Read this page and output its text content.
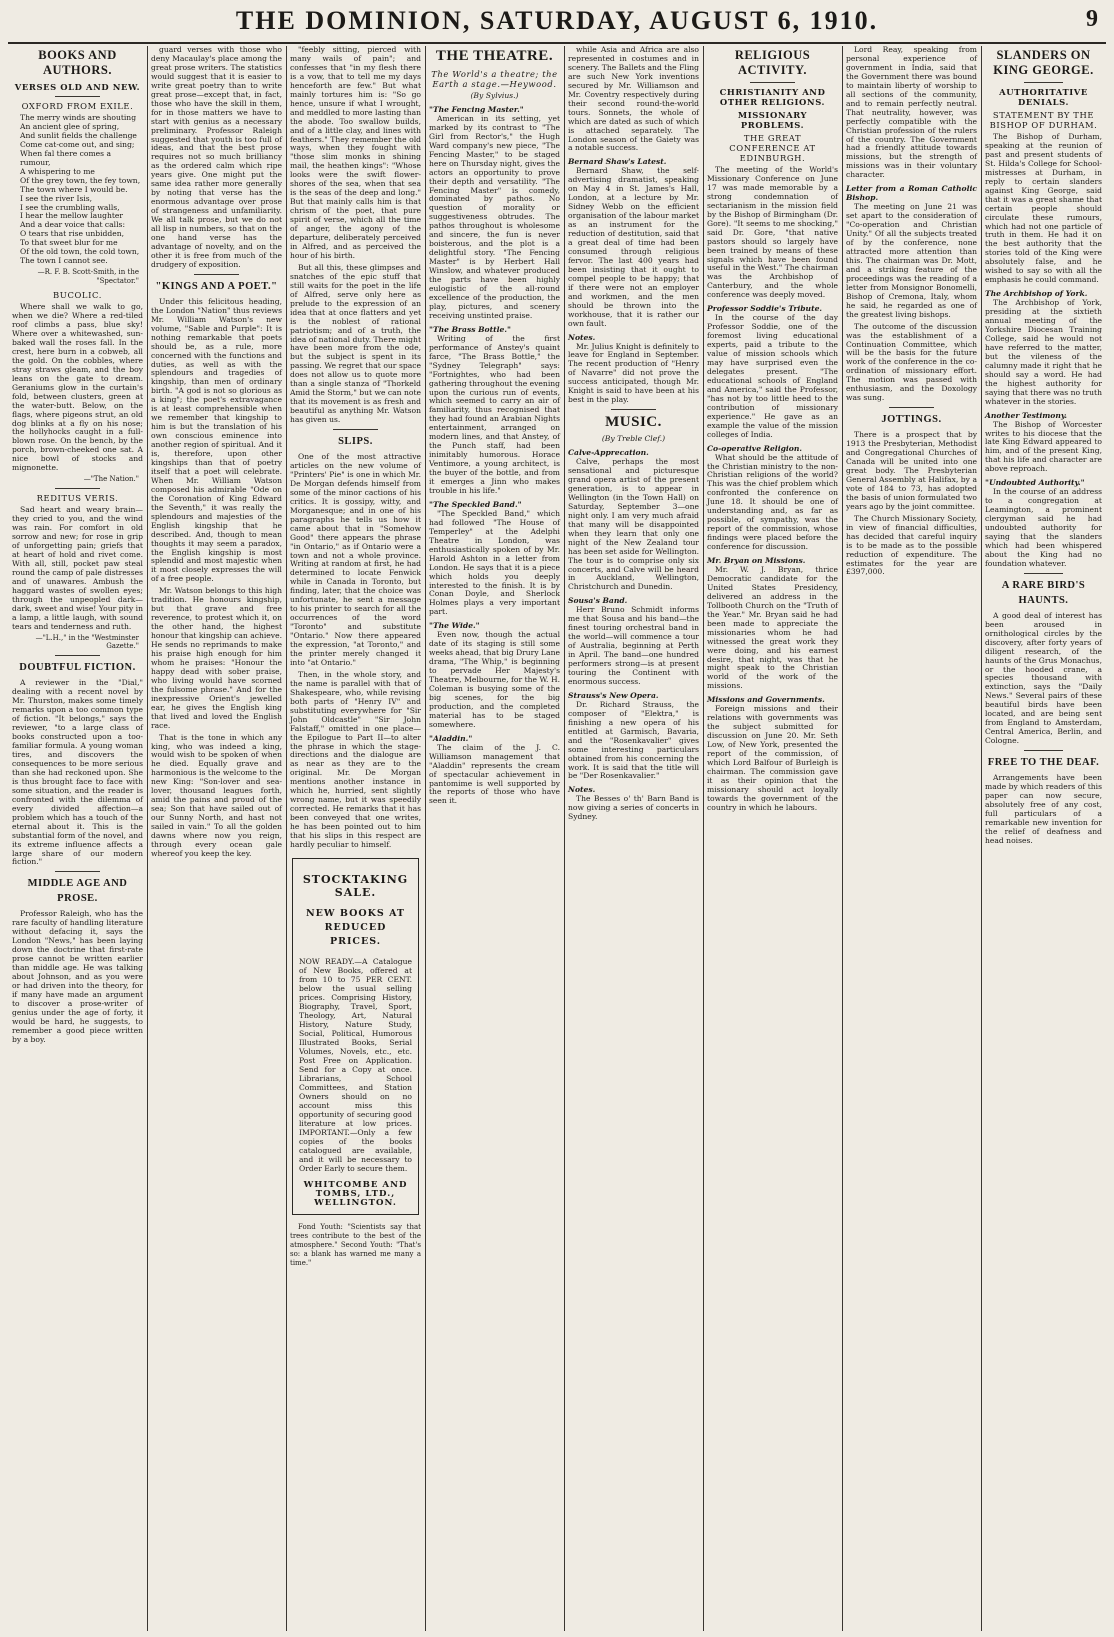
THE DOMINION, SATURDAY, AUGUST 6, 1910.	9
BOOKS AND AUTHORS.
VERSES OLD AND NEW.
OXFORD FROM EXILE.
The merry winds are shouting
An ancient glee of spring,
And sunlit fields the challenge
Come cat-come out, and sing;
When fal there comes a rumour,
A whispering to me
Of the grey town, the fey town,
The town where I would be.
I see the river Isis,
I see the crumbling walls,
I hear the mellow laughter
And a dear voice that calls:
O tears that rise unbidden,
To that sweet blur for me
Of the old town, the cold town,
The town I cannot see.
—R. F. B. Scott-Smith, in the "Spectator."
BUCOLIC.
Where shall we walk to go, when we die? Where a red-tiled roof climbs a pass, blue sky! Where over a whitewashed, sun-baked wall the roses fall. In the crest, here burn in a cobweb, all the gold. On the cobbles, where stray straws gleam, and the boy leans on the gate to dream. Geraniums glow in the curtain's fold, between clusters, green at the water-butt. Below, on the flags, where pigeons strut, an old dog blinks at a fly on his nose; the hollyhocks caught in a full-blown rose. On the bench, by the porch, brown-cheeked one sat. A nice bowl of stocks and mignonette.
—"The Nation."
REDITUS VERIS.
Sad heart and weary brain—they cried to you, and the wind was rain. For comfort in old sorrow and new; for rose in grip of unforgetting pain; griefs that at heart of hold and rivet come. With all, still, pocket paw steal round the camp of pale distresses and of unawares. Ambush the haggard wastes of swollen eyes; through the unpeopled dark—dark, sweet and wise! Your pity in a lamp, a little laugh, with sound tears and tenderness and ruth.
—"L.H.," in the "Westminster Gazette."
DOUBTFUL FICTION.
A reviewer in the "Dial," dealing with a recent novel by Mr. Thurston, makes some timely remarks upon a too common type of fiction. "It belongs," says the reviewer, "to a large class of books constructed upon a too-familiar formula. A young woman tires, and discovers the consequences to be more serious than she had reckoned upon. She is thus brought face to face with some situation, and the reader is confronted with the dilemma of every divided affection—a problem which has a touch of the eternal about it. This is the substantial form of the novel, and its extreme influence affects a large share of our modern fiction."
MIDDLE AGE AND PROSE.
Professor Raleigh, who has the rare faculty of handling literature without defacing it, says the London "News," has been laying down the doctrine that first-rate prose cannot be written earlier than middle age. He was talking about Johnson, and as you were or had driven into the theory, for if many have made an argument to discover a prose-writer of genius under the age of forty, it would be hard, he suggests, to remember a good piece written by a boy.
guard verses with those who deny Macaulay's place among the great prose writers. The statistics would suggest that it is easier to write great poetry than to write great prose—except that, in fact, those who have the skill in them, for in those matters we have to start with genius as a necessary preliminary. Professor Raleigh suggested that youth is too full of ideas, and that the best prose requires not so much brilliancy as the ordered calm which ripe years give. One might put the same idea rather more generally by noting that verse has the enormous advantage over prose of strangeness and unfamiliarity. We all talk prose, but we do not all lisp in numbers, so that on the one hand verse has the advantage of novelty, and on the other it is free from much of the drudgery of exposition.
"KINGS AND A POET."
Under this felicitous heading, the London "Nation" thus reviews Mr. William Watson's new volume, "Sable and Purple": It is nothing remarkable that poets should be, as a rule, more concerned with the functions and duties, as well as with the splendours and tragedies of kingship, than men of ordinary birth. "A god is not so glorious as a king"; the poet's extravagance is at least comprehensible when we remember that kingship to him is but the translation of his own conscious eminence into another region of spiritual. And it is, therefore, upon other kingships than that of poetry itself that a poet will celebrate. When Mr. William Watson composed his admirable "Ode on the Coronation of King Edward the Seventh," it was really the splendours and majesties of the English kingship that he described. And, though to mean thoughts it may seem a paradox, the English kingship is most splendid and most majestic when it most closely expresses the will of a free people.
Mr. Watson belongs to this high tradition. He honours kingship, but that grave and free reverence, to protest which it, on the other hand, the highest honour that kingship can achieve. He sends no reprimands to make his praise high enough for him whom he praises: "Honour the happy dead with sober praise, who living would have scorned the fulsome phrase." And for the inexpressive Orient's jewelled ear, he gives the English king that lived and loved the English race.
That is the tone in which any king, who was indeed a king, would wish to be spoken of when he died. Equally grave and harmonious is the welcome to the new King: "Son-lover and sea-lover, thousand leagues forth, amid the pains and proud of the sea; Son that have sailed out of our Sunny North, and hast not sailed in vain." To all the golden dawns where now you reign, through every ocean gale whereof you keep the key.
"feebly sitting, pierced with many wails of pain"; and confesses that "in my flesh there is a vow, that to tell me my days henceforth are few." But what mainly tortures him is: "So go hence, unsure if what I wrought, and meddled to more lasting than the abode. Too swallow builds, and of a little clay, and lines with feathers." They remember the old ways, when they fought with "those slim monks in shining mail, the heathen kings": "Whose looks were the swift flower-shores of the sea, when that sea is the seas of the deep and long." But that mainly calls him is that chrism of the poet, that pure spirit of verse, which all the time of anger, the agony of the departure, deliberately perceived in Alfred, and as perceived the hour of his birth.
But all this, these glimpses and snatches of the epic stuff that still waits for the poet in the life of Alfred, serve only here as prelude to the expression of an idea that at once flatters and yet is the noblest of rational patriotism; and of a truth, the idea of national duty. There might have been more from the ode, but the subject is spent in its passing. We regret that our space does not allow us to quote more than a single stanza of "Thorkeld Amid the Storm," but we can note that its movement is as fresh and beautiful as anything Mr. Watson has given us.
SLIPS.
One of the most attractive articles on the new volume of "Printers' Pie" is one in which Mr. De Morgan defends himself from some of the minor cactions of his critics. It is gossipy, witty, and Morganesque; and in one of his paragraphs he tells us how it came about that in "Somehow Good" there appears the phrase "in Ontario," as if Ontario were a town and not a whole province. Writing at random at first, he had determined to locate Fenwick while in Canada in Toronto, but finding, later, that the choice was unfortunate, he sent a message to his printer to search for all the occurrences of the word "Toronto" and substitute "Ontario." Now there appeared the expression, "at Toronto," and the printer merely changed it into "at Ontario."
Then, in the whole story, and the name is parallel with that of Shakespeare, who, while revising both parts of "Henry IV" and substituting everywhere for "Sir John Oldcastle" "Sir John Falstaff," omitted in one place—the Epilogue to Part II—to alter the phrase in which the stage-directions and the dialogue are as near as they are to the original. Mr. De Morgan mentions another instance in which he, hurried, sent slightly wrong name, but it was speedily corrected. He remarks that it has been conveyed that one writes, he has been pointed out to him that his slips in this respect are hardly peculiar to himself.
STOCKTAKING SALE.
NEW BOOKS AT REDUCED PRICES.
NOW READY.—A Catalogue of New Books, offered at from 10 to 75 PER CENT. below the usual selling prices. Comprising History, Biography, Travel, Sport, Theology, Art, Natural History, Nature Study, Social, Political, Humorous Illustrated Books, Serial Volumes, Novels, etc., etc. Post Free on Application. Send for a Copy at once. Librarians, School Committees, and Station Owners should on no account miss this opportunity of securing good literature at low prices. IMPORTANT.—Only a few copies of the books catalogued are available, and it will be necessary to Order Early to secure them.
WHITCOMBE AND TOMBS, LTD., WELLINGTON.
Fond Youth: "Scientists say that trees contribute to the best of the atmosphere." Second Youth: "That's so: a blank has warned me many a time."
THE THEATRE.
The World's a theatre; the Earth a stage.—Heywood.
(By Sylvius.)
"The Fencing Master."
American in its setting, yet marked by its contrast to "The Girl from Rector's," the Hugh Ward company's new piece, "The Fencing Master," to be staged here on Thursday night, gives the actors an opportunity to prove their depth and versatility. "The Fencing Master" is comedy, dominated by pathos. No question of morality or suggestiveness obtrudes. The pathos throughout is wholesome and sincere, the fun is never boisterous, and the plot is a delightful story. "The Fencing Master" is by Herbert Hall Winslow, and whatever produced the parts have been highly eulogistic of the all-round excellence of the production, the play, pictures, and scenery receiving unstinted praise.
"The Brass Bottle."
Writing of the first performance of Anstey's quaint farce, "The Brass Bottle," the "Sydney Telegraph" says: "Fortnightes, who had been gathering throughout the evening upon the curious run of events, which seemed to carry an air of familiarity, thus recognised that they had found an Arabian Nights entertainment, arranged on modern lines, and that Anstey, of the Punch staff, had been inimitably humorous. Horace Ventimore, a young architect, is the buyer of the bottle, and from it emerges a Jinn who makes trouble in his life."
"The Speckled Band."
"The Speckled Band," which had followed "The House of Temperley" at the Adelphi Theatre in London, was enthusiastically spoken of by Mr. Harold Ashton in a letter from London. He says that it is a piece which holds you deeply interested to the finish. It is by Conan Doyle, and Sherlock Holmes plays a very important part.
"The Wide."
Even now, though the actual date of its staging is still some weeks ahead, that big Drury Lane drama, "The Whip," is beginning to pervade Her Majesty's Theatre, Melbourne, for the W. H. Coleman is busying some of the big scenes, for the big production, and the completed material has to be staged somewhere.
"Aladdin."
The claim of the J. C. Williamson management that "Aladdin" represents the cream of spectacular achievement in pantomime is well supported by the reports of those who have seen it.
while Asia and Africa are also represented in costumes and in scenery. The Ballets and the Fling are such New York inventions secured by Mr. Williamson and Mr. Coventry respectively during their second round-the-world tours. Sonnets, the whole of which are dated as such of which is attached separately. The London season of the Gaiety was a notable success.
Bernard Shaw's Latest.
Bernard Shaw, the self-advertising dramatist, speaking on May 4 in St. James's Hall, London, at a lecture by Mr. Sidney Webb on the efficient organisation of the labour market as an instrument for the reduction of destitution, said that a great deal of time had been consumed through religious fervor. The last 400 years had been insisting that it ought to compel people to be happy; that if there were not an employer and workmen, and the men should be thrown into the workhouse, that it is rather our own fault.
Notes.
Mr. Julius Knight is definitely to leave for England in September. The recent production of "Henry of Navarre" did not prove the success anticipated, though Mr. Knight is said to have been at his best in the play.
MUSIC.
(By Treble Clef.)
Calve-Apprecation.
Calve, perhaps the most sensational and picturesque grand opera artist of the present generation, is to appear in Wellington (in the Town Hall) on Saturday, September 3—one night only. I am very much afraid that many will be disappointed when they learn that only one night of the New Zealand tour has been set aside for Wellington. The tour is to comprise only six concerts, and Calve will be heard in Auckland, Wellington, Christchurch and Dunedin.
Sousa's Band.
Herr Bruno Schmidt informs me that Sousa and his band—the finest touring orchestral band in the world—will commence a tour of Australia, beginning at Perth in April. The band—one hundred performers strong—is at present touring the Continent with enormous success.
Strauss's New Opera.
Dr. Richard Strauss, the composer of "Elektra," is finishing a new opera of his entitled at Garmisch, Bavaria, and the "Rosenkavalier" gives some interesting particulars obtained from his concerning the work. It is said that the title will be "Der Rosenkavalier."
Notes.
The Besses o' th' Barn Band is now giving a series of concerts in Sydney.
RELIGIOUS ACTIVITY.
CHRISTIANITY AND OTHER RELIGIONS.
MISSIONARY PROBLEMS.
THE GREAT CONFERENCE AT EDINBURGH.
The meeting of the World's Missionary Conference on June 17 was made memorable by a strong condemnation of sectarianism in the mission field by the Bishop of Birmingham (Dr. Gore). "It seems to me shocking," said Dr. Gore, "that native pastors should so largely have been trained by means of these signals which have been found useful in the West." The chairman was the Archbishop of Canterbury, and the whole conference was deeply moved.
Professor Soddie's Tribute.
In the course of the day Professor Soddie, one of the foremost living educational experts, paid a tribute to the value of mission schools which may have surprised even the delegates present. "The educational schools of England and America," said the Professor, "has not by too little heed to the contribution of missionary experience." He gave as an example the value of the mission colleges of India.
Co-operative Religion.
What should be the attitude of the Christian ministry to the non-Christian religions of the world? This was the chief problem which confronted the conference on June 18. It should be one of understanding and, as far as possible, of sympathy, was the report of the commission, whose findings were placed before the conference for discussion.
Mr. Bryan on Missions.
Mr. W. J. Bryan, thrice Democratic candidate for the United States Presidency, delivered an address in the Tollbooth Church on the "Truth of the Year." Mr. Bryan said he had been made to appreciate the missionaries whom he had witnessed the great work they were doing, and his earnest desire, that night, was that he might speak to the Christian world of the work of the missions.
Missions and Governments.
Foreign missions and their relations with governments was the subject submitted for discussion on June 20. Mr. Seth Low, of New York, presented the report of the commission, of which Lord Balfour of Burleigh is chairman. The commission gave it as their opinion that the missionary should act loyally towards the government of the country in which he labours.
Lord Reay, speaking from personal experience of government in India, said that the Government there was bound to maintain liberty of worship to all sections of the community, and to remain perfectly neutral. That neutrality, however, was perfectly compatible with the Christian profession of the rulers of the country. The Government had a friendly attitude towards missions, but the strength of missions was in their voluntary character.
Letter from a Roman Catholic Bishop.
The meeting on June 21 was set apart to the consideration of "Co-operation and Christian Unity." Of all the subjects treated of by the conference, none attracted more attention than this. The chairman was Dr. Mott, and a striking feature of the proceedings was the reading of a letter from Monsignor Bonomelli, Bishop of Cremona, Italy, whom he said, he regarded as one of the greatest living bishops.
The outcome of the discussion was the establishment of a Continuation Committee, which will be the basis for the future work of the conference in the co-ordination of missionary effort. The motion was passed with enthusiasm, and the Doxology was sung.
JOTTINGS.
There is a prospect that by 1913 the Presbyterian, Methodist and Congregational Churches of Canada will be united into one great body. The Presbyterian General Assembly at Halifax, by a vote of 184 to 73, has adopted the basis of union formulated two years ago by the joint committee.
The Church Missionary Society, in view of financial difficulties, has decided that careful inquiry is to be made as to the possible reduction of expenditure. The estimates for the year are £397,000.
SLANDERS ON KING GEORGE.
AUTHORITATIVE DENIALS.
STATEMENT BY THE BISHOP OF DURHAM.
The Bishop of Durham, speaking at the reunion of past and present students of St. Hilda's College for School-mistresses at Durham, in reply to certain slanders against King George, said that it was a great shame that certain people should circulate these rumours, which had not one particle of truth in them. He had it on the best authority that the stories told of the King were absolutely false, and he wished to say so with all the emphasis he could command.
The Archbishop of York.
The Archbishop of York, presiding at the sixtieth annual meeting of the Yorkshire Diocesan Training College, said he would not have referred to the matter, but the vileness of the calumny made it right that he should say a word. He had the highest authority for saying that there was no truth whatever in the stories.
Another Testimony.
The Bishop of Worcester writes to his diocese that the late King Edward appeared to him, and of the present King, that his life and character are above reproach.
"Undoubted Authority."
In the course of an address to a congregation at Leamington, a prominent clergyman said he had undoubted authority for saying that the slanders which had been whispered about the King had no foundation whatever.
A RARE BIRD'S HAUNTS.
A good deal of interest has been aroused in ornithological circles by the discovery, after forty years of diligent research, of the haunts of the Grus Monachus, or the hooded crane, a species thousand with extinction, says the "Daily News." Several pairs of these beautiful birds have been located, and are being sent from England to Amsterdam, Central America, Berlin, and Cologne.
FREE TO THE DEAF.
Arrangements have been made by which readers of this paper can now secure, absolutely free of any cost, full particulars of a remarkable new invention for the relief of deafness and head noises.
